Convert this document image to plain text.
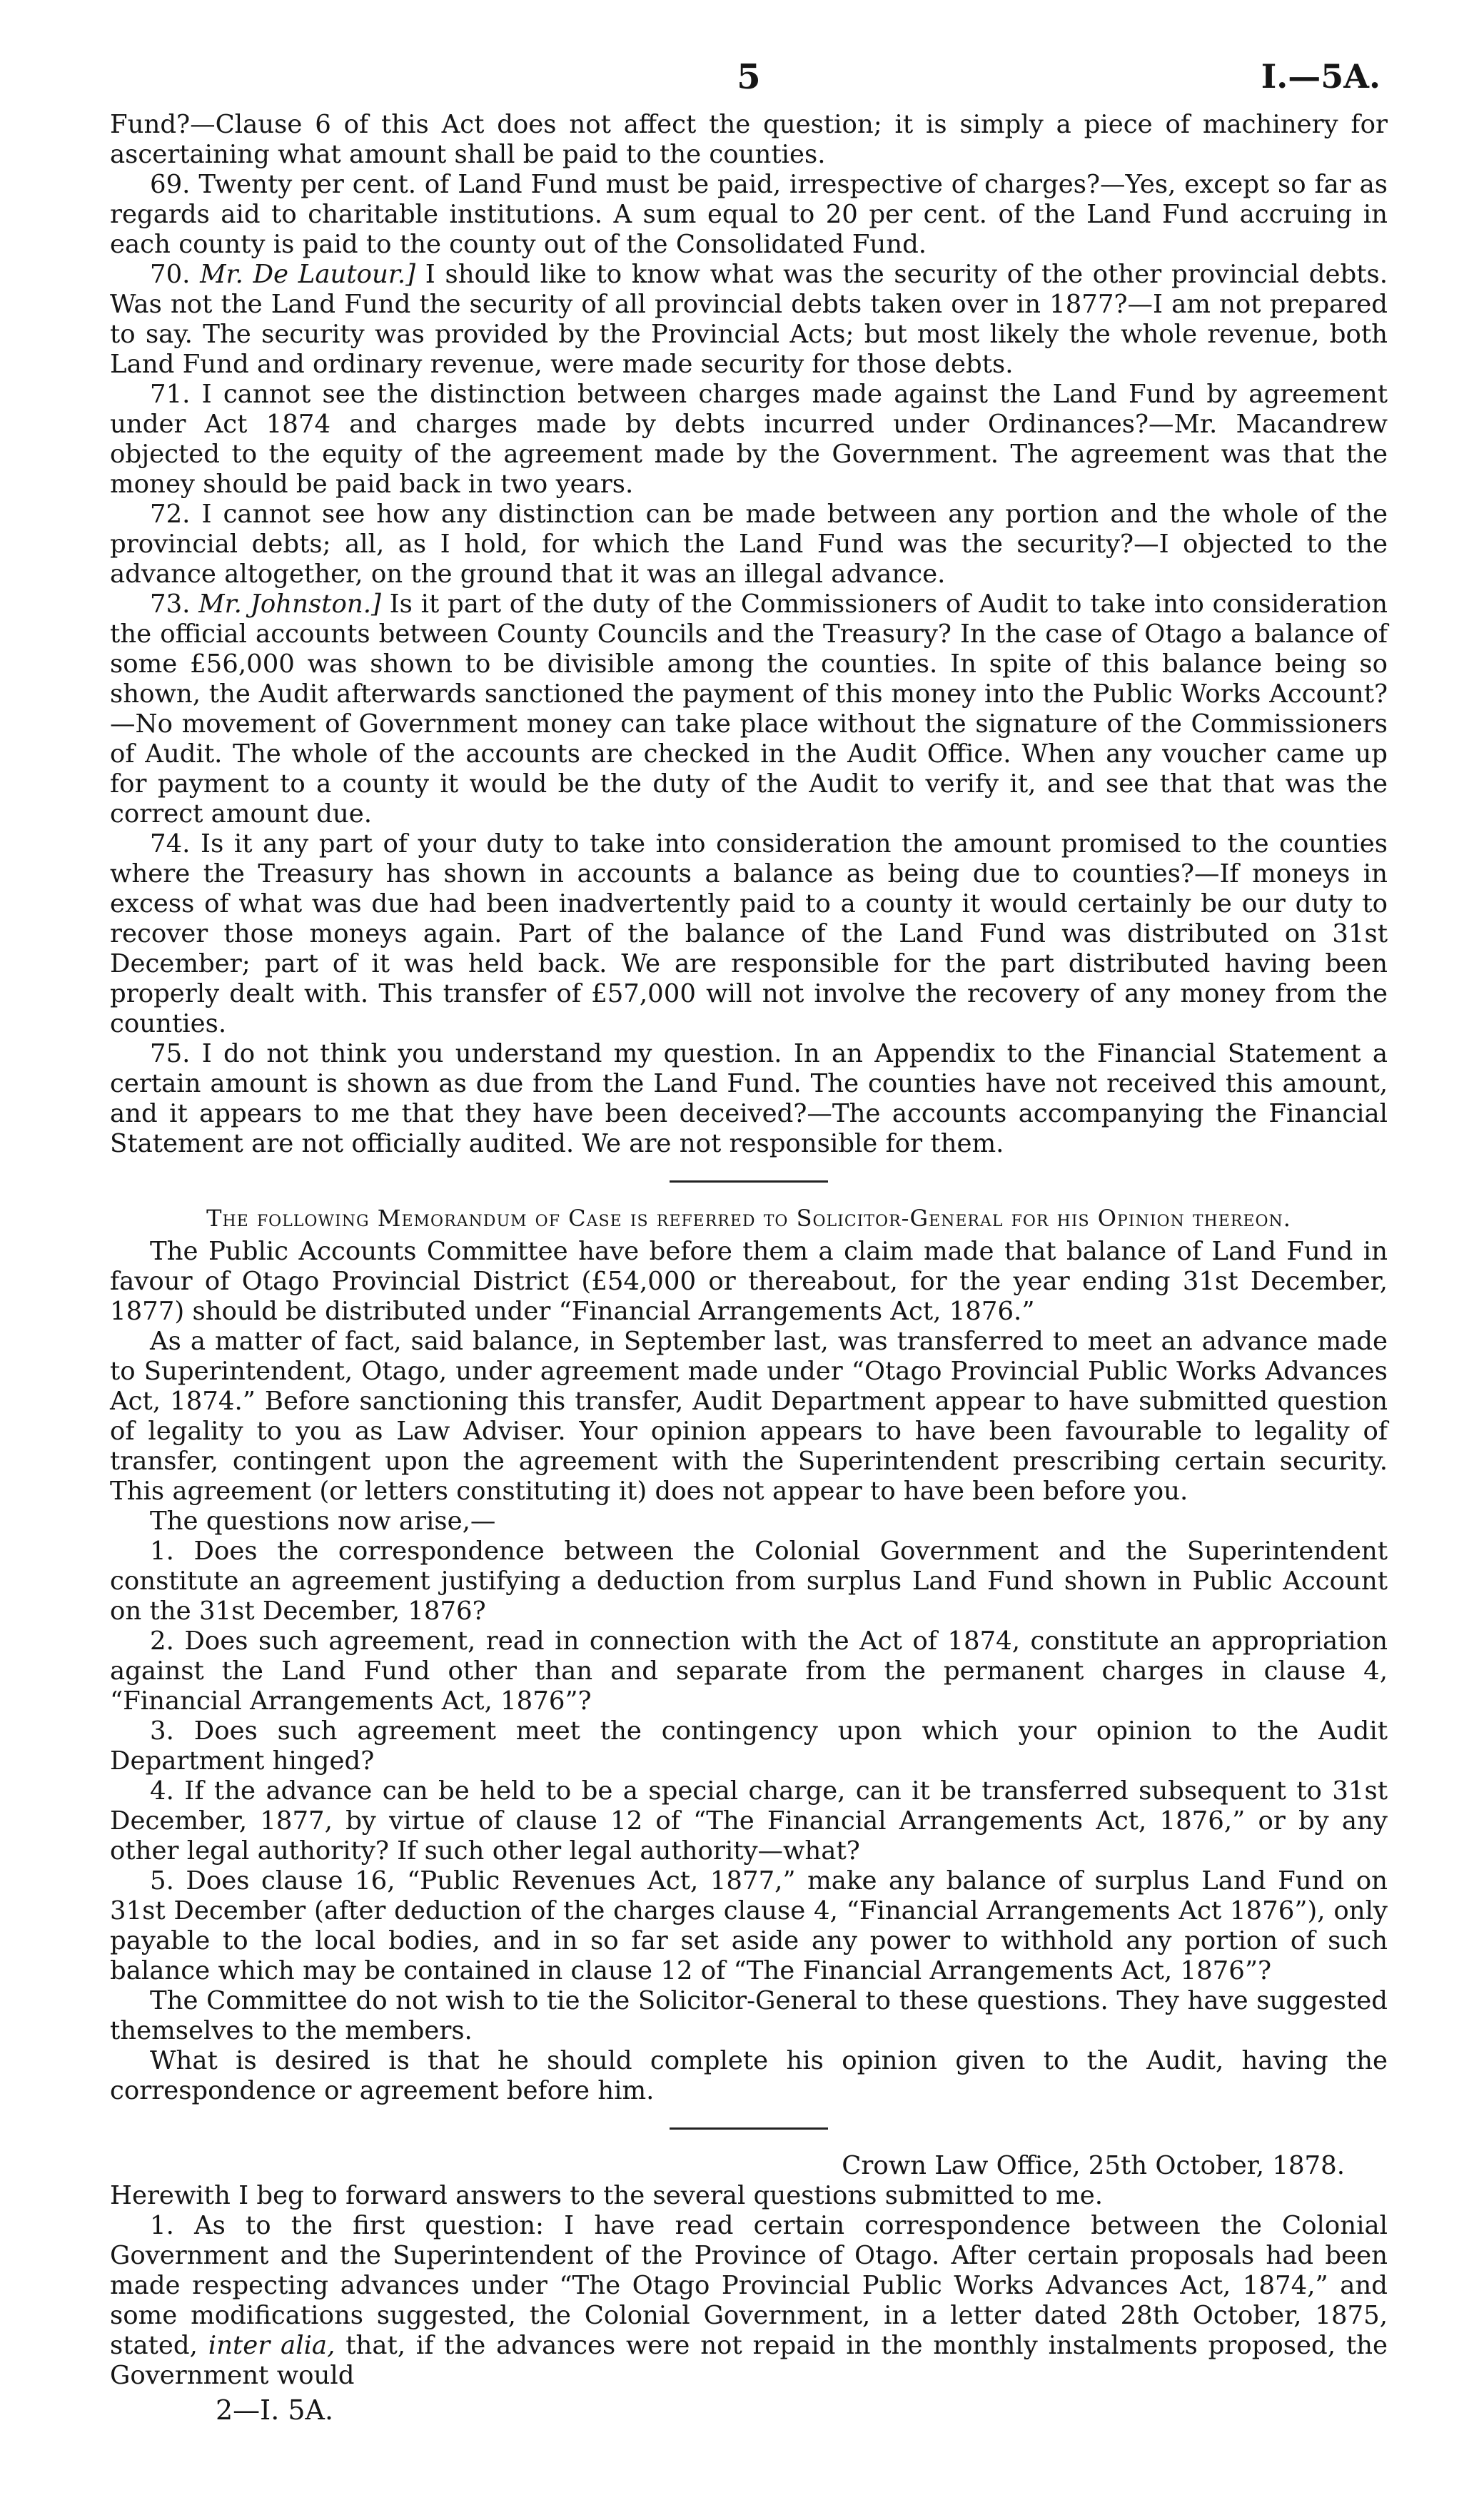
5	I.—5A.

Fund?—Clause 6 of this Act does not affect the question; it is simply a piece of machinery for ascertaining what amount shall be paid to the counties.

69. Twenty per cent. of Land Fund must be paid, irrespective of charges?—Yes, except so far as regards aid to charitable institutions. A sum equal to 20 per cent. of the Land Fund accruing in each county is paid to the county out of the Consolidated Fund.

70. Mr. De Lautour.] I should like to know what was the security of the other provincial debts. Was not the Land Fund the security of all provincial debts taken over in 1877?—I am not prepared to say. The security was provided by the Provincial Acts; but most likely the whole revenue, both Land Fund and ordinary revenue, were made security for those debts.

71. I cannot see the distinction between charges made against the Land Fund by agreement under Act 1874 and charges made by debts incurred under Ordinances?—Mr. Macandrew objected to the equity of the agreement made by the Government. The agreement was that the money should be paid back in two years.

72. I cannot see how any distinction can be made between any portion and the whole of the provincial debts; all, as I hold, for which the Land Fund was the security?—I objected to the advance altogether, on the ground that it was an illegal advance.

73. Mr. Johnston.] Is it part of the duty of the Commissioners of Audit to take into consideration the official accounts between County Councils and the Treasury? In the case of Otago a balance of some £56,000 was shown to be divisible among the counties. In spite of this balance being so shown, the Audit afterwards sanctioned the payment of this money into the Public Works Account?—No movement of Government money can take place without the signature of the Commissioners of Audit. The whole of the accounts are checked in the Audit Office. When any voucher came up for payment to a county it would be the duty of the Audit to verify it, and see that that was the correct amount due.

74. Is it any part of your duty to take into consideration the amount promised to the counties where the Treasury has shown in accounts a balance as being due to counties?—If moneys in excess of what was due had been inadvertently paid to a county it would certainly be our duty to recover those moneys again. Part of the balance of the Land Fund was distributed on 31st December; part of it was held back. We are responsible for the part distributed having been properly dealt with. This transfer of £57,000 will not involve the recovery of any money from the counties.

75. I do not think you understand my question. In an Appendix to the Financial Statement a certain amount is shown as due from the Land Fund. The counties have not received this amount, and it appears to me that they have been deceived?—The accounts accompanying the Financial Statement are not officially audited. We are not responsible for them.

The following Memorandum of Case is referred to Solicitor-General for his Opinion thereon.

The Public Accounts Committee have before them a claim made that balance of Land Fund in favour of Otago Provincial District (£54,000 or thereabout, for the year ending 31st December, 1877) should be distributed under “Financial Arrangements Act, 1876.”

As a matter of fact, said balance, in September last, was transferred to meet an advance made to Superintendent, Otago, under agreement made under “Otago Provincial Public Works Advances Act, 1874.” Before sanctioning this transfer, Audit Department appear to have submitted question of legality to you as Law Adviser. Your opinion appears to have been favourable to legality of transfer, contingent upon the agreement with the Superintendent prescribing certain security. This agreement (or letters constituting it) does not appear to have been before you.

The questions now arise,—

1. Does the correspondence between the Colonial Government and the Superintendent constitute an agreement justifying a deduction from surplus Land Fund shown in Public Account on the 31st December, 1876?

2. Does such agreement, read in connection with the Act of 1874, constitute an appropriation against the Land Fund other than and separate from the permanent charges in clause 4, “Financial Arrangements Act, 1876”?

3. Does such agreement meet the contingency upon which your opinion to the Audit Department hinged?

4. If the advance can be held to be a special charge, can it be transferred subsequent to 31st December, 1877, by virtue of clause 12 of “The Financial Arrangements Act, 1876,” or by any other legal authority? If such other legal authority—what?

5. Does clause 16, “Public Revenues Act, 1877,” make any balance of surplus Land Fund on 31st December (after deduction of the charges clause 4, “Financial Arrangements Act 1876”), only payable to the local bodies, and in so far set aside any power to withhold any portion of such balance which may be contained in clause 12 of “The Financial Arrangements Act, 1876”?

The Committee do not wish to tie the Solicitor-General to these questions. They have suggested themselves to the members.

What is desired is that he should complete his opinion given to the Audit, having the correspondence or agreement before him.

Crown Law Office, 25th October, 1878.

Herewith I beg to forward answers to the several questions submitted to me.

1. As to the first question: I have read certain correspondence between the Colonial Government and the Superintendent of the Province of Otago. After certain proposals had been made respecting advances under “The Otago Provincial Public Works Advances Act, 1874,” and some modifications suggested, the Colonial Government, in a letter dated 28th October, 1875, stated, inter alia, that, if the advances were not repaid in the monthly instalments proposed, the Government would

2—I. 5A.
